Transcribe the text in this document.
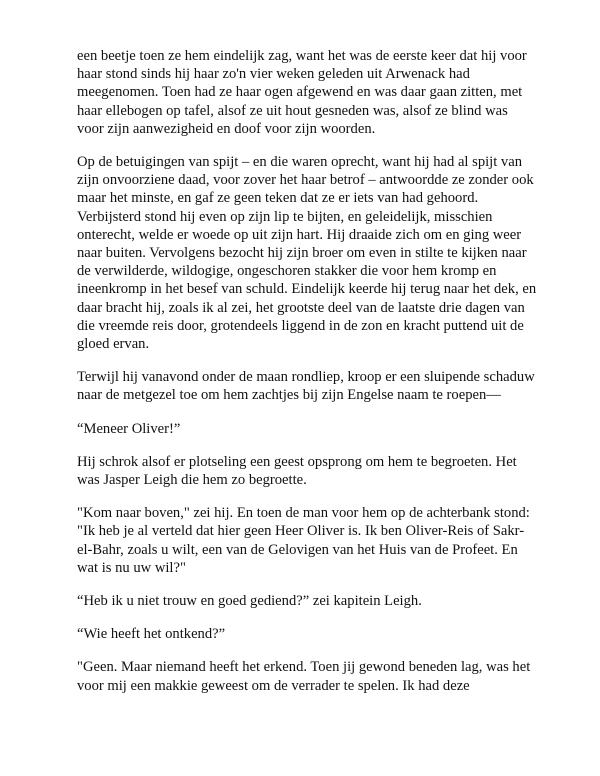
een beetje toen ze hem eindelijk zag, want het was de eerste keer dat hij voor haar stond sinds hij haar zo'n vier weken geleden uit Arwenack had meegenomen. Toen had ze haar ogen afgewend en was daar gaan zitten, met haar ellebogen op tafel, alsof ze uit hout gesneden was, alsof ze blind was voor zijn aanwezigheid en doof voor zijn woorden.

Op de betuigingen van spijt – en die waren oprecht, want hij had al spijt van zijn onvoorziene daad, voor zover het haar betrof – antwoordde ze zonder ook maar het minste, en gaf ze geen teken dat ze er iets van had gehoord. Verbijsterd stond hij even op zijn lip te bijten, en geleidelijk, misschien onterecht, welde er woede op uit zijn hart. Hij draaide zich om en ging weer naar buiten. Vervolgens bezocht hij zijn broer om even in stilte te kijken naar de verwilderde, wildogige, ongeschoren stakker die voor hem kromp en ineenkromp in het besef van schuld. Eindelijk keerde hij terug naar het dek, en daar bracht hij, zoals ik al zei, het grootste deel van de laatste drie dagen van die vreemde reis door, grotendeels liggend in de zon en kracht puttend uit de gloed ervan.

Terwijl hij vanavond onder de maan rondliep, kroop er een sluipende schaduw naar de metgezel toe om hem zachtjes bij zijn Engelse naam te roepen—

“Meneer Oliver!”

Hij schrok alsof er plotseling een geest opsprong om hem te begroeten. Het was Jasper Leigh die hem zo begroette.

"Kom naar boven," zei hij. En toen de man voor hem op de achterbank stond: "Ik heb je al verteld dat hier geen Heer Oliver is. Ik ben Oliver-Reis of Sakr-el-Bahr, zoals u wilt, een van de Gelovigen van het Huis van de Profeet. En wat is nu uw wil?"

“Heb ik u niet trouw en goed gediend?” zei kapitein Leigh.

“Wie heeft het ontkend?”

"Geen. Maar niemand heeft het erkend. Toen jij gewond beneden lag, was het voor mij een makkie geweest om de verrader te spelen. Ik had deze
